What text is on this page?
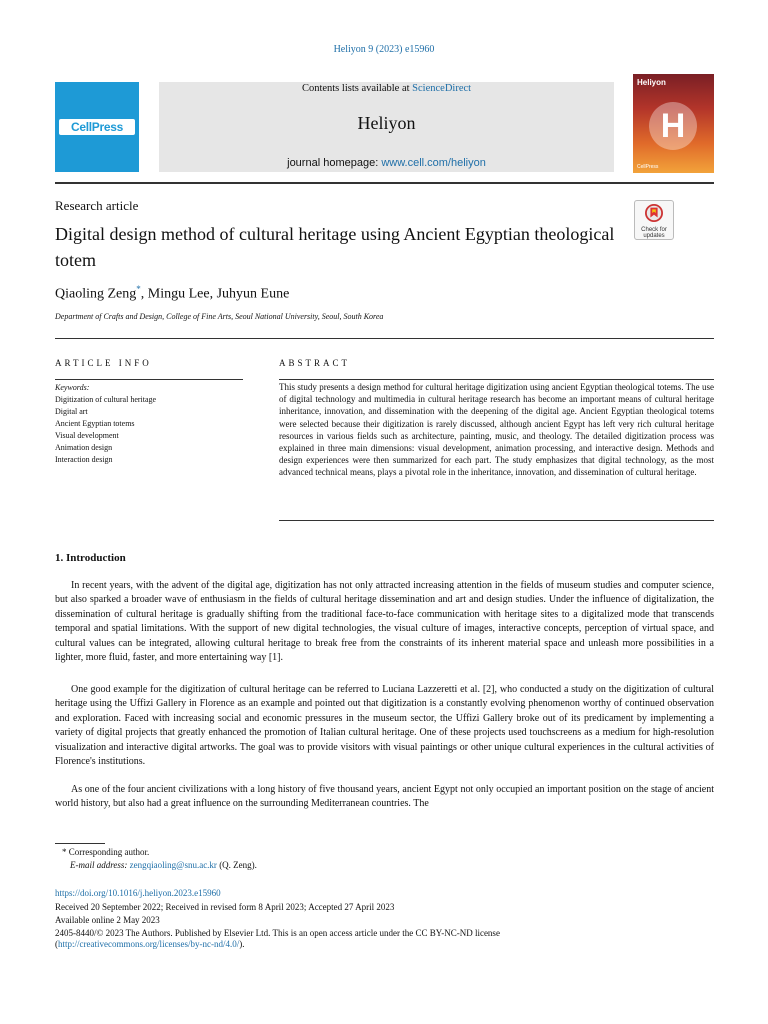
Heliyon 9 (2023) e15960
CellPress
Contents lists available at ScienceDirect
Heliyon
journal homepage: www.cell.com/heliyon
Heliyon
H
CellPress
Research article
Digital design method of cultural heritage using Ancient Egyptian theological totem
Check for
updates
Qiaoling Zeng*, Mingu Lee, Juhyun Eune
Department of Crafts and Design, College of Fine Arts, Seoul National University, Seoul, South Korea
ARTICLE INFO
Keywords:
Digitization of cultural heritage
Digital art
Ancient Egyptian totems
Visual development
Animation design
Interaction design
ABSTRACT
This study presents a design method for cultural heritage digitization using ancient Egyptian theological totems. The use of digital technology and multimedia in cultural heritage research has become an important means of cultural heritage inheritance, innovation, and dissemination with the deepening of the digital age. Ancient Egyptian theological totems were selected because their digitization is rarely discussed, although ancient Egypt has left very rich cultural heritage resources in various fields such as architecture, painting, music, and theology. The detailed digitization process was explained in three main dimensions: visual development, animation processing, and interactive design. Methods and design experiences were then summarized for each part. The study emphasizes that digital technology, as the most advanced technical means, plays a pivotal role in the inheritance, innovation, and dissemination of cultural heritage.
1. Introduction

In recent years, with the advent of the digital age, digitization has not only attracted increasing attention in the fields of museum studies and computer science, but also sparked a broader wave of enthusiasm in the fields of cultural heritage dissemination and art and design studies. Under the influence of digitalization, the dissemination of cultural heritage is gradually shifting from the traditional face-to-face communication with heritage sites to a digitalized mode that transcends temporal and spatial limitations. With the support of new digital technologies, the visual culture of images, interactive concepts, perception of virtual space, and cultural values can be integrated, allowing cultural heritage to break free from the constraints of its inherent material space and unleash more possibilities in a lighter, more fluid, faster, and more entertaining way [1].

One good example for the digitization of cultural heritage can be referred to Luciana Lazzeretti et al. [2], who conducted a study on the digitization of cultural heritage using the Uffizi Gallery in Florence as an example and pointed out that digitization is a constantly evolving phenomenon worthy of continued observation and exploration. Faced with increasing social and economic pressures in the museum sector, the Uffizi Gallery broke out of its predicament by implementing a variety of digital projects that greatly enhanced the promotion of Italian cultural heritage. One of these projects used touchscreens as a medium for high-resolution visualization and interactive digital artworks. The goal was to provide visitors with visual paintings or other unique cultural experiences in the cultural activities of Florence's institutions.

As one of the four ancient civilizations with a long history of five thousand years, ancient Egypt not only occupied an important position on the stage of ancient world history, but also had a great influence on the surrounding Mediterranean countries. The

* Corresponding author.
E-mail address: zengqiaoling@snu.ac.kr (Q. Zeng).
https://doi.org/10.1016/j.heliyon.2023.e15960
Received 20 September 2022; Received in revised form 8 April 2023; Accepted 27 April 2023
Available online 2 May 2023
2405-8440/© 2023 The Authors. Published by Elsevier Ltd. This is an open access article under the CC BY-NC-ND license
(http://creativecommons.org/licenses/by-nc-nd/4.0/).
